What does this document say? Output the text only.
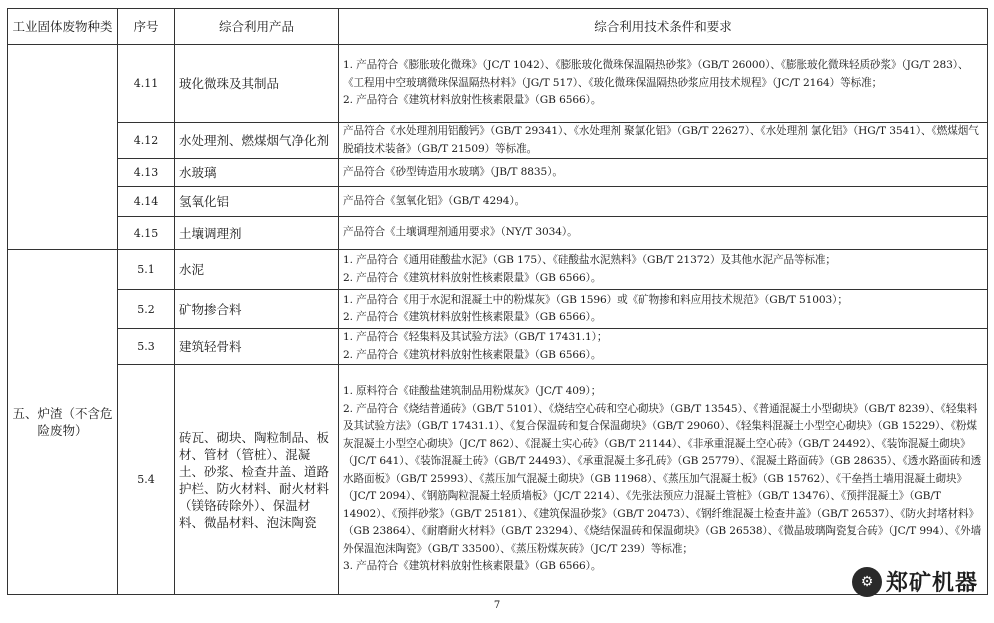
工业固体废物种类	序号	综合利用产品	综合利用技术条件和要求
	4.11	玻化微珠及其制品	1. 产品符合《膨胀玻化微珠》（JC/T 1042）、《膨胀玻化微珠保温隔热砂浆》（GB/T 26000）、《膨胀玻化微珠轻质砂浆》（JG/T 283）、《工程用中空玻璃微珠保温隔热材料》（JG/T 517）、《玻化微珠保温隔热砂浆应用技术规程》（JC/T 2164）等标准；
2. 产品符合《建筑材料放射性核素限量》（GB 6566）。

	4.12	水处理剂、燃煤烟气净化剂	产品符合《水处理剂用铝酸钙》（GB/T 29341）、《水处理剂 聚氯化铝》（GB/T 22627）、《水处理剂 氯化铝》（HG/T 3541）、《燃煤烟气脱硝技术装备》（GB/T 21509）等标准。

	4.13	水玻璃	产品符合《砂型铸造用水玻璃》（JB/T 8835）。

	4.14	氢氧化铝	产品符合《氢氧化铝》（GB/T 4294）。

	4.15	土壤调理剂	产品符合《土壤调理剂通用要求》（NY/T 3034）。

五、炉渣（不含危险废物）	5.1	水泥	1. 产品符合《通用硅酸盐水泥》（GB 175）、《硅酸盐水泥熟料》（GB/T 21372）及其他水泥产品等标准；
2. 产品符合《建筑材料放射性核素限量》（GB 6566）。

	5.2	矿物掺合料	1. 产品符合《用于水泥和混凝土中的粉煤灰》（GB 1596）或《矿物掺和料应用技术规范》（GB/T 51003）；
2. 产品符合《建筑材料放射性核素限量》（GB 6566）。

	5.3	建筑轻骨料	1. 产品符合《轻集料及其试验方法》（GB/T 17431.1）；
2. 产品符合《建筑材料放射性核素限量》（GB 6566）。

	5.4	砖瓦、砌块、陶粒制品、板材、管材（管桩）、混凝土、砂浆、检查井盖、道路护栏、防火材料、耐火材料（镁铬砖除外）、保温材料、微晶材料、泡沫陶瓷	1. 原料符合《硅酸盐建筑制品用粉煤灰》（JC/T 409）；
2. 产品符合《烧结普通砖》（GB/T 5101）、《烧结空心砖和空心砌块》（GB/T 13545）、《普通混凝土小型砌块》（GB/T 8239）、《轻集料及其试验方法》（GB/T 17431.1）、《复合保温砖和复合保温砌块》（GB/T 29060）、《轻集料混凝土小型空心砌块》（GB 15229）、《粉煤灰混凝土小型空心砌块》（JC/T 862）、《混凝土实心砖》（GB/T 21144）、《非承重混凝土空心砖》（GB/T 24492）、《装饰混凝土砌块》（JC/T 641）、《装饰混凝土砖》（GB/T 24493）、《承重混凝土多孔砖》（GB 25779）、《混凝土路面砖》（GB 28635）、《透水路面砖和透水路面板》（GB/T 25993）、《蒸压加气混凝土砌块》（GB 11968）、《蒸压加气混凝土板》（GB 15762）、《干垒挡土墙用混凝土砌块》（JC/T 2094）、《钢筋陶粒混凝土轻质墙板》（JC/T 2214）、《先张法预应力混凝土管桩》（GB/T 13476）、《预拌混凝土》（GB/T 14902）、《预拌砂浆》（GB/T 25181）、《建筑保温砂浆》（GB/T 20473）、《钢纤维混凝土检查井盖》（GB/T 26537）、《防火封堵材料》（GB 23864）、《耐磨耐火材料》（GB/T 23294）、《烧结保温砖和保温砌块》（GB 26538）、《微晶玻璃陶瓷复合砖》（JC/T 994）、《外墙外保温泡沫陶瓷》（GB/T 33500）、《蒸压粉煤灰砖》（JC/T 239）等标准；
3. 产品符合《建筑材料放射性核素限量》（GB 6566）。
7
⚙ 郑矿机器
